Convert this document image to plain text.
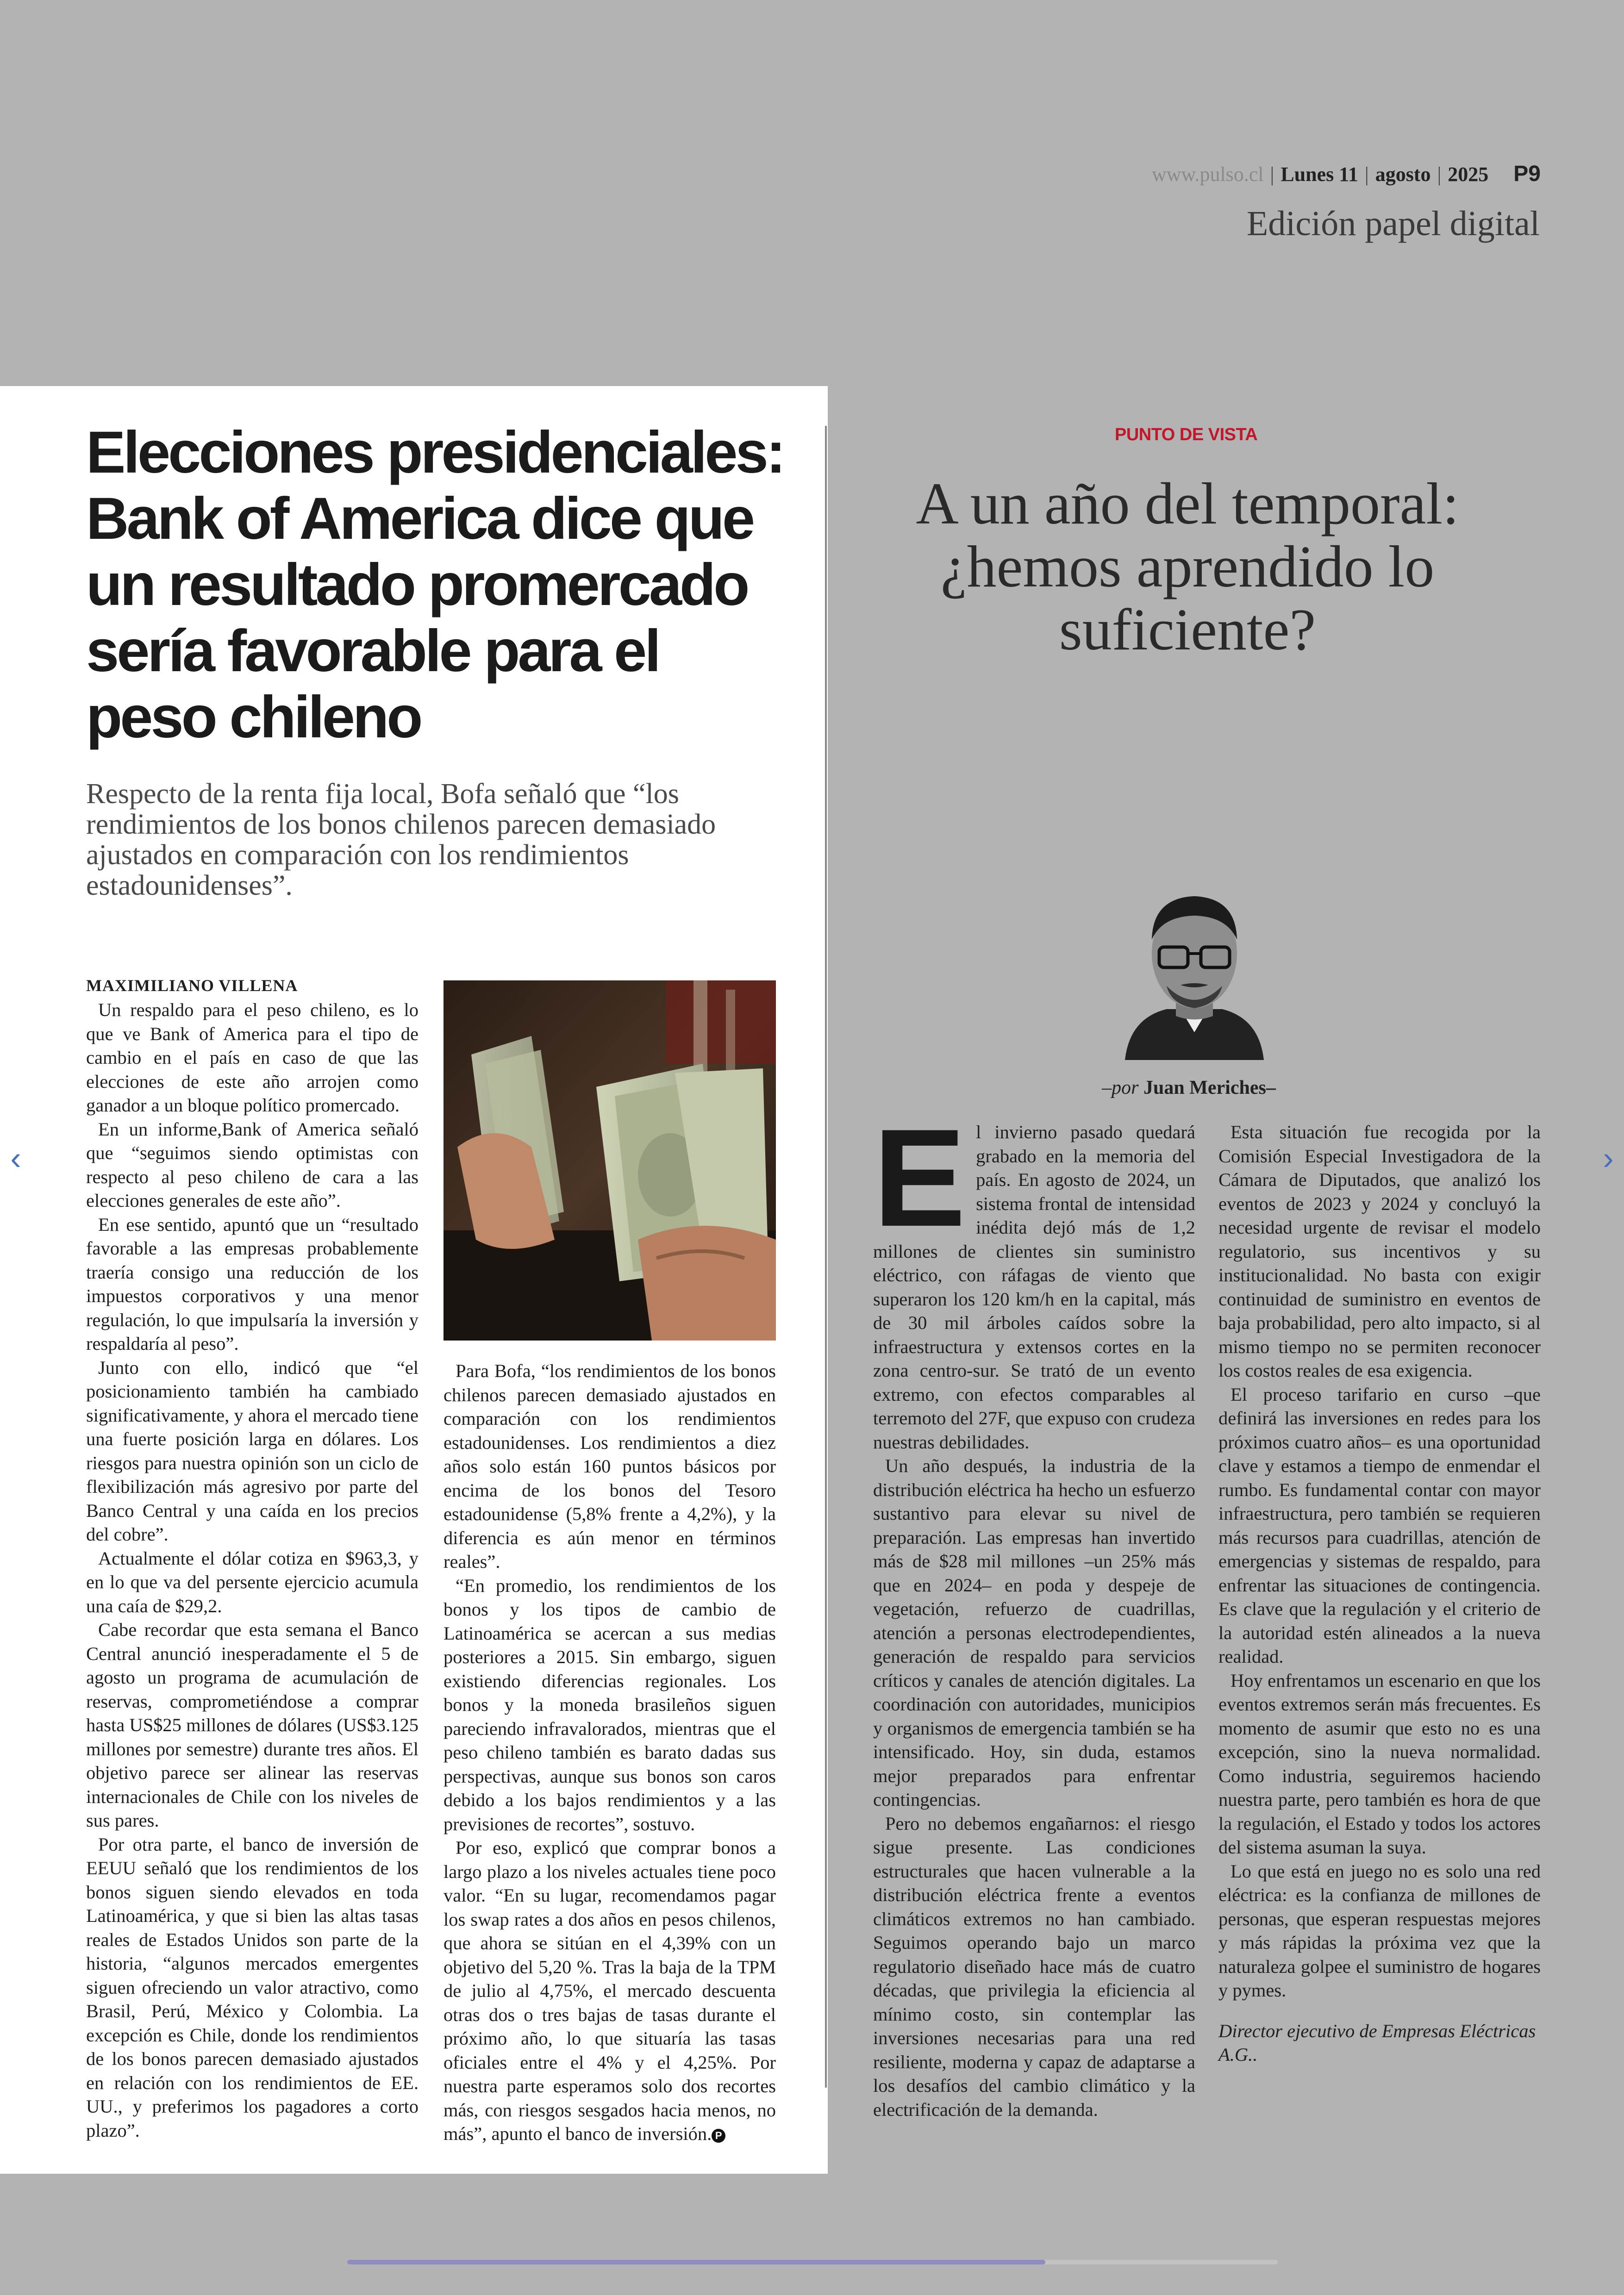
www.pulso.cl | Lunes 11 | agosto | 2025 P9
Edición papel digital
Elecciones presidenciales: Bank of America dice que un resultado promercado sería favorable para el peso chileno

Respecto de la renta fija local, Bofa señaló que “los rendimientos de los bonos chilenos parecen demasiado ajustados en comparación con los rendimientos estadounidenses”.

MAXIMILIANO VILLENA

Un respaldo para el peso chileno, es lo que ve Bank of America para el tipo de cambio en el país en caso de que las elecciones de este año arrojen como ganador a un bloque político promercado.

En un informe,Bank of America señaló que “seguimos siendo optimistas con respecto al peso chileno de cara a las elecciones generales de este año”.

En ese sentido, apuntó que un “resultado favorable a las empresas probablemente traería consigo una reducción de los impuestos corporativos y una menor regulación, lo que impulsaría la inversión y respaldaría al peso”.

Junto con ello, indicó que “el posicionamiento también ha cambiado significativamente, y ahora el mercado tiene una fuerte posición larga en dólares. Los riesgos para nuestra opinión son un ciclo de flexibilización más agresivo por parte del Banco Central y una caída en los precios del cobre”.

Actualmente el dólar cotiza en $963,3, y en lo que va del persente ejercicio acumula una caía de $29,2.

Cabe recordar que esta semana el Banco Central anunció inesperadamente el 5 de agosto un programa de acumulación de reservas, comprometiéndose a comprar hasta US$25 millones de dólares (US$3.125 millones por semestre) durante tres años. El objetivo parece ser alinear las reservas internacionales de Chile con los niveles de sus pares.

Por otra parte, el banco de inversión de EEUU señaló que los rendimientos de los bonos siguen siendo elevados en toda Latinoamérica, y que si bien las altas tasas reales de Estados Unidos son parte de la historia, “algunos mercados emergentes siguen ofreciendo un valor atractivo, como Brasil, Perú, México y Colombia. La excepción es Chile, donde los rendimientos de los bonos parecen demasiado ajustados en relación con los rendimientos de EE. UU., y preferimos los pagadores a corto plazo”.

Para Bofa, “los rendimientos de los bonos chilenos parecen demasiado ajustados en comparación con los rendimientos estadounidenses. Los rendimientos a diez años solo están 160 puntos básicos por encima de los bonos del Tesoro estadounidense (5,8% frente a 4,2%), y la diferencia es aún menor en términos reales”.

“En promedio, los rendimientos de los bonos y los tipos de cambio de Latinoamérica se acercan a sus medias posteriores a 2015. Sin embargo, siguen existiendo diferencias regionales. Los bonos y la moneda brasileños siguen pareciendo infravalorados, mientras que el peso chileno también es barato dadas sus perspectivas, aunque sus bonos son caros debido a los bajos rendimientos y a las previsiones de recortes”, sostuvo.

Por eso, explicó que comprar bonos a largo plazo a los niveles actuales tiene poco valor. “En su lugar, recomendamos pagar los swap rates a dos años en pesos chilenos, que ahora se sitúan en el 4,39% con un objetivo del 5,20 %. Tras la baja de la TPM de julio al 4,75%, el mercado descuenta otras dos o tres bajas de tasas durante el próximo año, lo que situaría las tasas oficiales entre el 4% y el 4,25%. Por nuestra parte esperamos solo dos recortes más, con riesgos sesgados hacia menos, no más”, apunto el banco de inversión. P

PUNTO DE VISTA
A un año del temporal: ¿hemos aprendido lo suficiente?
–por Juan Meriches–
E l invierno pasado quedará grabado en la memoria del país. En agosto de 2024, un sistema frontal de intensidad inédita dejó más de 1,2 millones de clientes sin suministro eléctrico, con ráfagas de viento que superaron los 120 km/h en la capital, más de 30 mil árboles caídos sobre la infraestructura y extensos cortes en la zona centro-sur. Se trató de un evento extremo, con efectos comparables al terremoto del 27F, que expuso con crudeza nuestras debilidades.

Un año después, la industria de la distribución eléctrica ha hecho un esfuerzo sustantivo para elevar su nivel de preparación. Las empresas han invertido más de $28 mil millones –un 25% más que en 2024– en poda y despeje de vegetación, refuerzo de cuadrillas, atención a personas electrodependientes, generación de respaldo para servicios críticos y canales de atención digitales. La coordinación con autoridades, municipios y organismos de emergencia también se ha intensificado. Hoy, sin duda, estamos mejor preparados para enfrentar contingencias.

Pero no debemos engañarnos: el riesgo sigue presente. Las condiciones estructurales que hacen vulnerable a la distribución eléctrica frente a eventos climáticos extremos no han cambiado. Seguimos operando bajo un marco regulatorio diseñado hace más de cuatro décadas, que privilegia la eficiencia al mínimo costo, sin contemplar las inversiones necesarias para una red resiliente, moderna y capaz de adaptarse a los desafíos del cambio climático y la electrificación de la demanda.

Esta situación fue recogida por la Comisión Especial Investigadora de la Cámara de Diputados, que analizó los eventos de 2023 y 2024 y concluyó la necesidad urgente de revisar el modelo regulatorio, sus incentivos y su institucionalidad. No basta con exigir continuidad de suministro en eventos de baja probabilidad, pero alto impacto, si al mismo tiempo no se permiten reconocer los costos reales de esa exigencia.

El proceso tarifario en curso –que definirá las inversiones en redes para los próximos cuatro años– es una oportunidad clave y estamos a tiempo de enmendar el rumbo. Es fundamental contar con mayor infraestructura, pero también se requieren más recursos para cuadrillas, atención de emergencias y sistemas de respaldo, para enfrentar las situaciones de contingencia. Es clave que la regulación y el criterio de la autoridad estén alineados a la nueva realidad.

Hoy enfrentamos un escenario en que los eventos extremos serán más frecuentes. Es momento de asumir que esto no es una excepción, sino la nueva normalidad. Como industria, seguiremos haciendo nuestra parte, pero también es hora de que la regulación, el Estado y todos los actores del sistema asuman la suya.

Lo que está en juego no es solo una red eléctrica: es la confianza de millones de personas, que esperan respuestas mejores y más rápidas la próxima vez que la naturaleza golpee el suministro de hogares y pymes.

Director ejecutivo de Empresas Eléctricas A.G..

‹	›
